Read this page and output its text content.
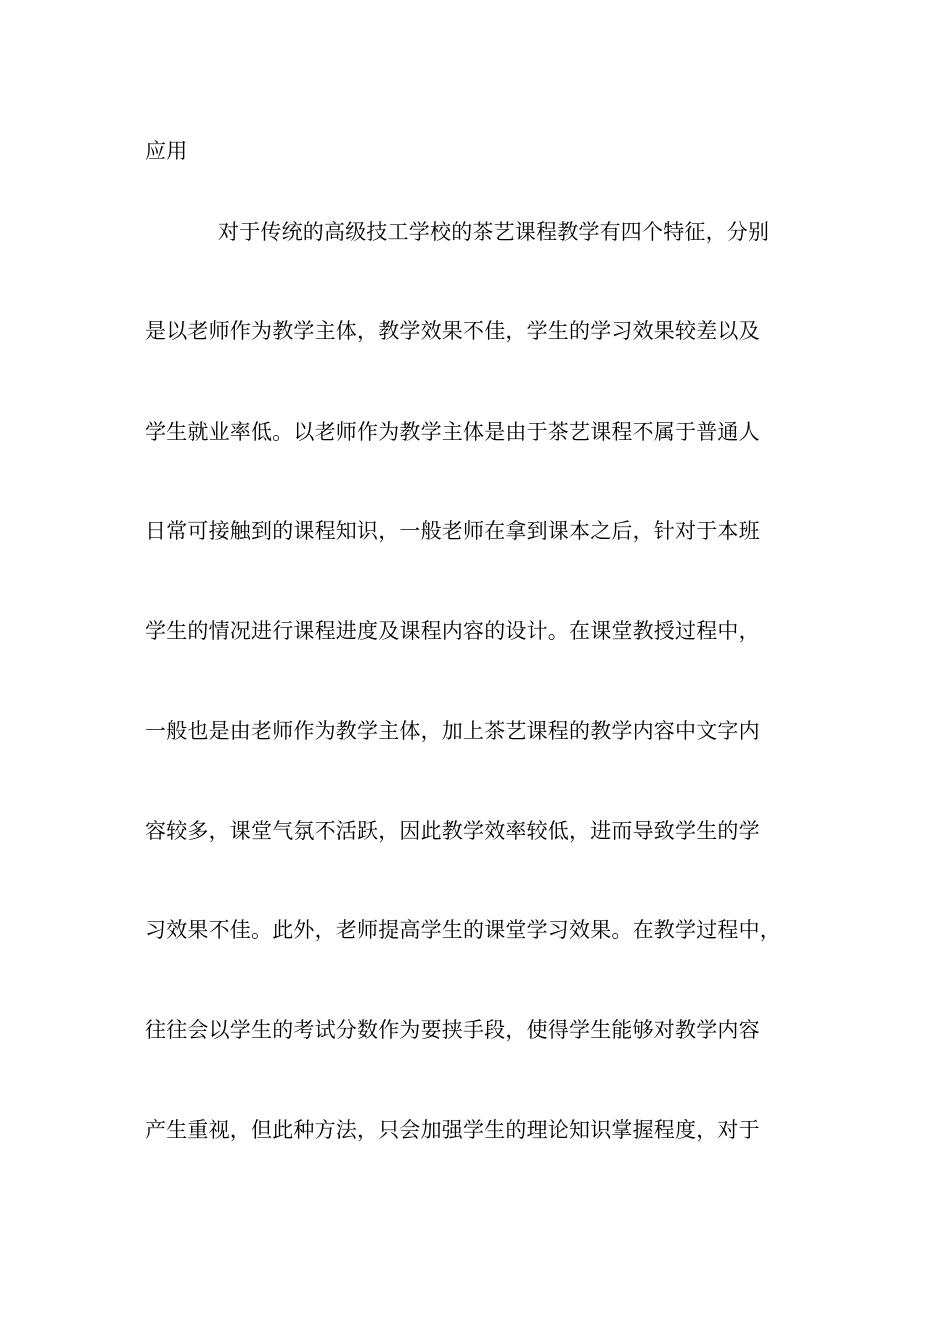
应用
对于传统的高级技工学校的茶艺课程教学有四个特征，分别
是以老师作为教学主体，教学效果不佳，学生的学习效果较差以及
学生就业率低。以老师作为教学主体是由于茶艺课程不属于普通人
日常可接触到的课程知识，一般老师在拿到课本之后，针对于本班
学生的情况进行课程进度及课程内容的设计。在课堂教授过程中，
一般也是由老师作为教学主体，加上茶艺课程的教学内容中文字内
容较多，课堂气氛不活跃，因此教学效率较低，进而导致学生的学
习效果不佳。此外，老师提高学生的课堂学习效果。在教学过程中，
往往会以学生的考试分数作为要挟手段，使得学生能够对教学内容
产生重视，但此种方法，只会加强学生的理论知识掌握程度，对于
